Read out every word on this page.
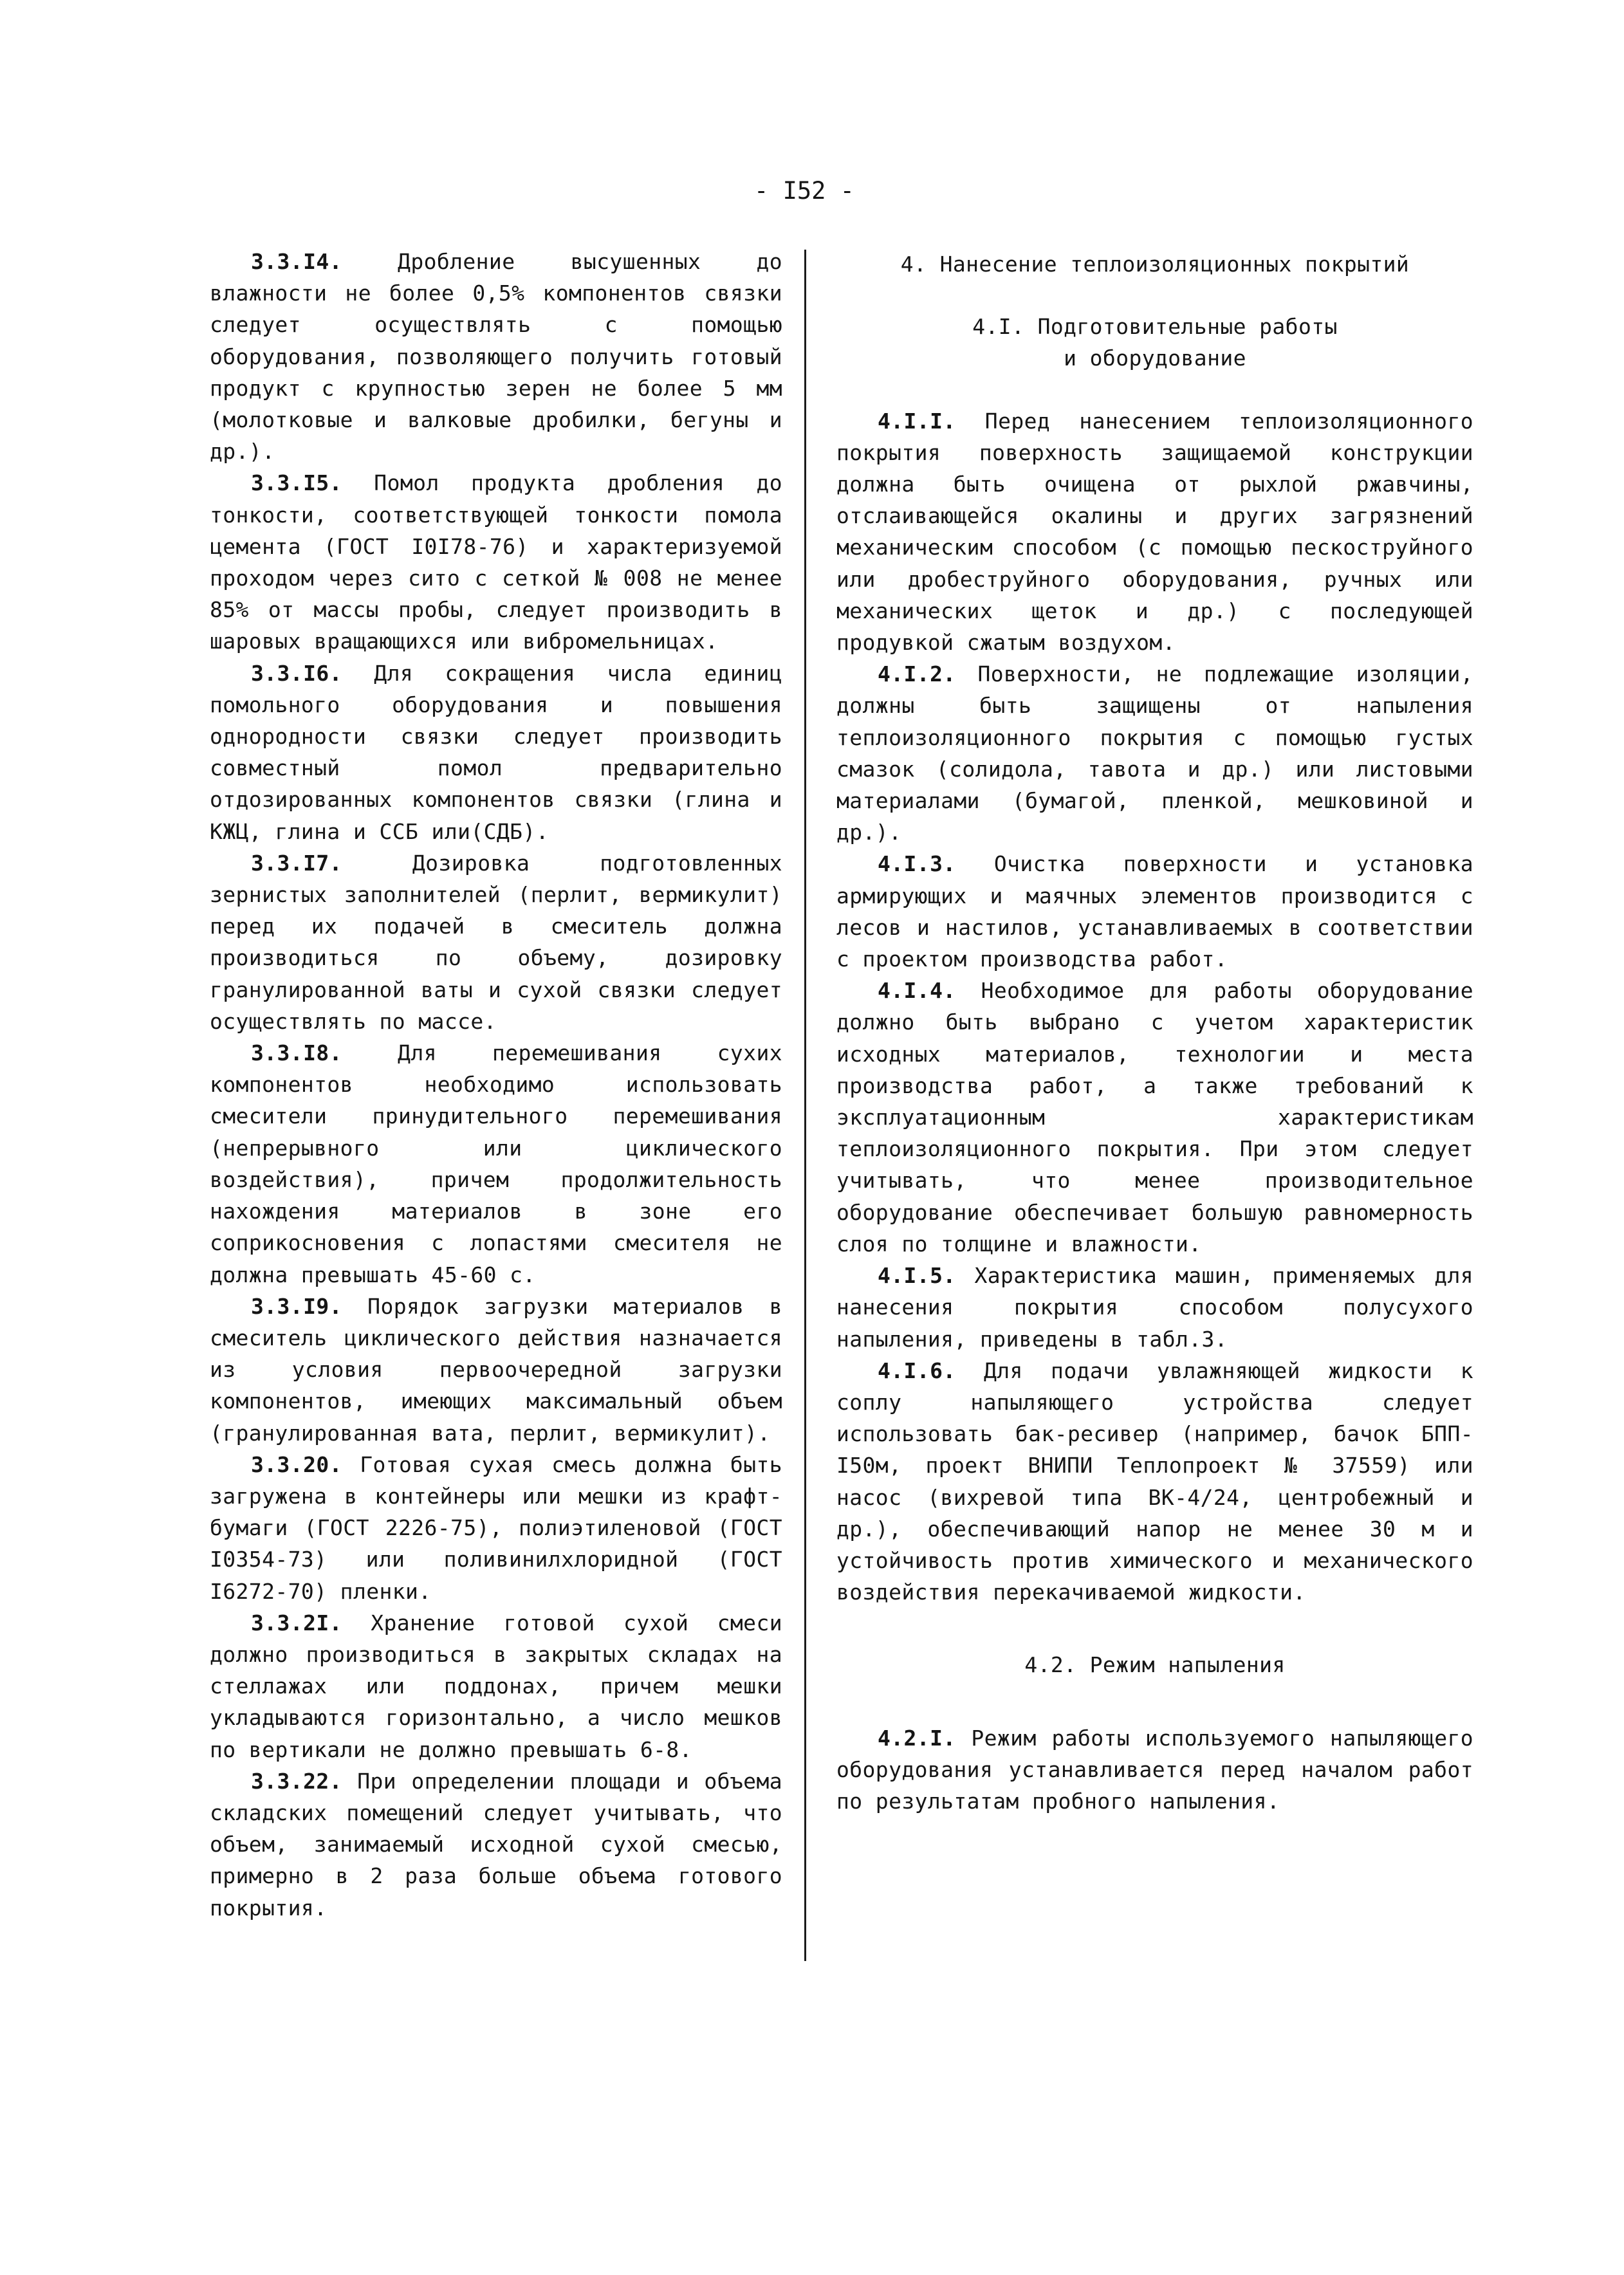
- I52 -

3.3.I4.	Дробление высушенных до влажности не более 0,5% компонентов связки следует осуществлять с помощью оборудования, позволяющего получить готовый продукт с крупностью зерен не более 5 мм (молотковые и валковые дробилки, бегуны и др.).

3.3.I5. Помол продукта дробления до тонкости, соответствующей тонкости помола цемента (ГОСТ I0I78-76) и характеризуемой проходом через сито с сеткой № 008 не менее 85% от массы пробы, следует производить в шаровых вращающихся или вибромельницах.

3.3.I6. Для сокращения числа единиц помольного оборудования и повышения однородности связки следует производить совместный помол предварительно отдозированных компонентов связки (глина и КЖЦ, глина и ССБ или(СДБ).

3.3.I7.	Дозировка подготовленных зернистых заполнителей (перлит, вермикулит) перед их подачей в смеситель должна производиться по объему, дозировку гранулированной ваты и сухой связки следует осуществлять по массе.

3.3.I8.	Для перемешивания сухих компонентов необходимо использовать смесители принудительного перемешивания (непрерывного или циклического воздействия), причем продолжительность нахождения материалов в зоне его соприкосновения с лопастями смесителя не должна превышать 45-60 с.

3.3.I9. Порядок загрузки материалов в смеситель циклического действия назначается из условия первоочередной загрузки компонентов, имеющих максимальный объем (гранулированная вата, перлит, вермикулит).

3.3.20. Готовая сухая смесь должна быть загружена в контейнеры или мешки из крафт-бумаги (ГОСТ 2226-75), полиэтиленовой (ГОСТ I0354-73) или поливинилхлоридной (ГОСТ I6272-70) пленки.

3.3.2I. Хранение готовой сухой смеси должно производиться в закрытых складах на стеллажах или поддонах, причем мешки укладываются горизонтально, а число мешков по вертикали не должно превышать 6-8.

3.3.22. При определении площади и объема складских помещений следует учитывать, что объем, занимаемый исходной сухой смесью, примерно в 2 раза больше объема готового покрытия.

4. Нанесение теплоизоляционных покрытий

4.I. Подготовительные работы

и оборудование

4.I.I. Перед нанесением теплоизоляционного покрытия поверхность защищаемой конструкции должна быть очищена от рыхлой ржавчины, отслаивающейся окалины и других загрязнений механическим способом (с помощью пескоструйного или дробеструйного оборудования, ручных или механических щеток и др.) с последующей продувкой сжатым воздухом.

4.I.2. Поверхности, не подлежащие изоляции, должны быть защищены от напыления теплоизоляционного покрытия с помощью густых смазок (солидола, тавота и др.) или листовыми материалами (бумагой, пленкой, мешковиной и др.).

4.I.3. Очистка поверхности и установка армирующих и маячных элементов производится с лесов и настилов, устанавливаемых в соответствии с проектом производства работ.

4.I.4. Необходимое для работы оборудование должно быть выбрано с учетом характеристик исходных материалов, технологии и места производства работ, а также требований к эксплуатационным характеристикам теплоизоляционного покрытия. При этом следует учитывать, что менее производительное оборудование обеспечивает большую равномерность слоя по толщине и влажности.

4.I.5. Характеристика машин, применяемых для нанесения покрытия способом полусухого напыления, приведены в табл.3.

4.I.6. Для подачи увлажняющей жидкости к соплу напыляющего устройства следует использовать бак-ресивер (например, бачок БПП-I50м, проект ВНИПИ Теплопроект № 37559) или насос (вихревой типа ВК-4/24, центробежный и др.), обеспечивающий напор не менее 30 м и устойчивость против химического и механического воздействия перекачиваемой жидкости.

4.2. Режим напыления

4.2.I. Режим работы используемого напыляющего оборудования устанавливается перед началом работ по результатам пробного напыления.
